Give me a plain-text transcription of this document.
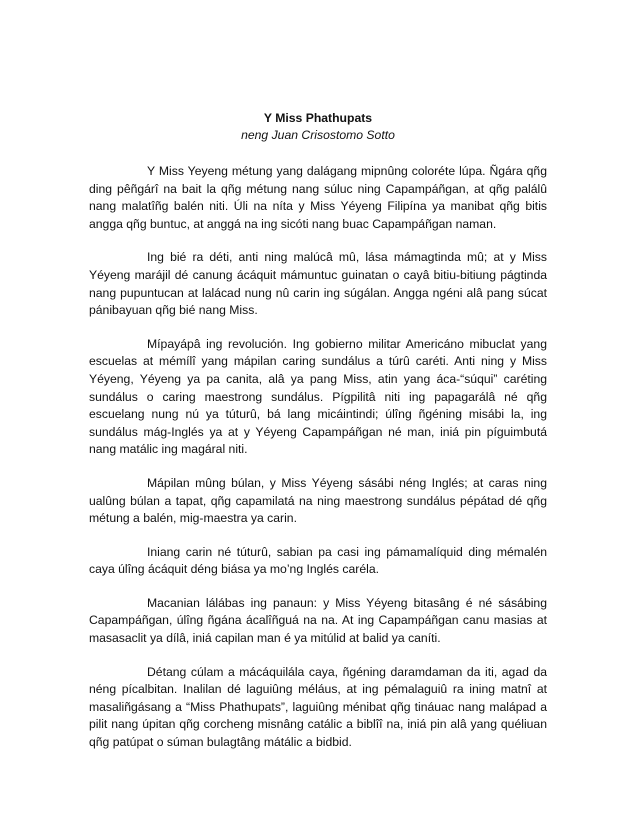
Y Miss Phathupats

neng Juan Crisostomo Sotto

Y Miss Yeyeng métung yang dalágang mipnûng coloréte lúpa. Ñgára qñg ding pêñgárî na bait la qñg métung nang súluc ning Capampáñgan, at qñg palálû nang malatîñg balén niti. Úli na níta y Miss Yéyeng Filipína ya manibat qñg bitis angga qñg buntuc, at anggá na ing sicóti nang buac Capampáñgan naman.

Ing bié ra déti, anti ning malúcâ mû, lása mámagtinda mû; at y Miss Yéyeng marájil dé canung ácáquit mámuntuc guinatan o cayâ bitiu-bitiung págtinda nang pupuntucan at lalácad nung nû carin ing súgálan. Angga ngéni alâ pang súcat pánibayuan qñg bié nang Miss.

Mípayápâ ing revolución. Ing gobierno militar Americáno mibuclat yang escuelas at mémílî yang mápilan caring sundálus a túrû caréti. Anti ning y Miss Yéyeng, Yéyeng ya pa canita, alâ ya pang Miss, atin yang áca-“súqui” caréting sundálus o caring maestrong sundálus. Pígpilitâ niti ing papagarálâ né qñg escuelang nung nú ya túturû, bá lang micáintindi; úlîng ñgéning misábi la, ing sundálus mág-Inglés ya at y Yéyeng Capampáñgan né man, iniá pin píguimbutá nang matálic ing magáral niti.

Mápilan mûng búlan, y Miss Yéyeng sásábi néng Inglés; at caras ning ualûng búlan a tapat, qñg capamilatá na ning maestrong sundálus pépátad dé qñg métung a balén, mig-maestra ya carin.

Iniang carin né túturû, sabian pa casi ing pámamalíquid ding mémalén caya úlîng ácáquit déng biása ya mo’ng Inglés caréla.

Macanian lálábas ing panaun: y Miss Yéyeng bitasâng é né sásábing Capampáñgan, úlîng ñgána ácalîñguá na na. At ing Capampáñgan canu masias at masasaclit ya dílâ, iniá capilan man é ya mitúlid at balid ya caníti.

Détang cúlam a mácáquilála caya, ñgéning daramdaman da iti, agad da néng pícalbitan. Inalilan dé laguiûng méláus, at ing pémalaguiû ra ining matnî at masaliñgásang a “Miss Phathupats”, laguiûng ménibat qñg tináuac nang malápad a pilit nang úpitan qñg corcheng misnâng catálic a biblîî na, iniá pin alâ yang quéliuan qñg patúpat o súman bulagtâng mátálic a bidbid.
